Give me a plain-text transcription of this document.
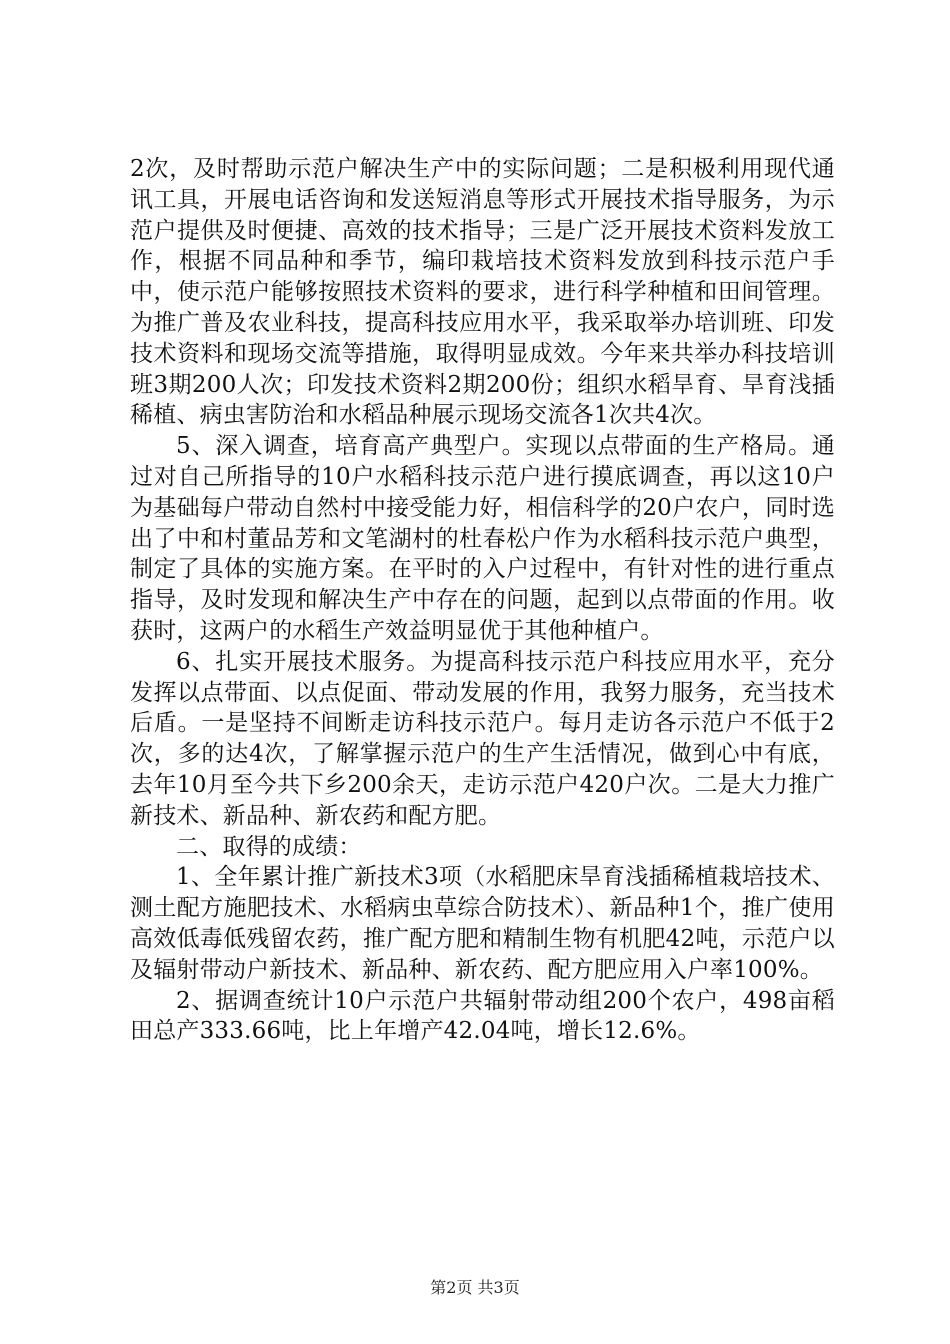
2次，及时帮助示范户解决生产中的实际问题；二是积极利用现代通讯工具，开展电话咨询和发送短消息等形式开展技术指导服务，为示范户提供及时便捷、高效的技术指导；三是广泛开展技术资料发放工作，根据不同品种和季节，编印栽培技术资料发放到科技示范户手中，使示范户能够按照技术资料的要求，进行科学种植和田间管理。为推广普及农业科技，提高科技应用水平，我采取举办培训班、印发技术资料和现场交流等措施，取得明显成效。今年来共举办科技培训班3期200人次；印发技术资料2期200份；组织水稻旱育、旱育浅插稀植、病虫害防治和水稻品种展示现场交流各1次共4次。

5、深入调查，培育高产典型户。实现以点带面的生产格局。通过对自己所指导的10户水稻科技示范户进行摸底调查，再以这10户为基础每户带动自然村中接受能力好，相信科学的20户农户，同时选出了中和村董品芳和文笔湖村的杜春松户作为水稻科技示范户典型，制定了具体的实施方案。在平时的入户过程中，有针对性的进行重点指导，及时发现和解决生产中存在的问题，起到以点带面的作用。收获时，这两户的水稻生产效益明显优于其他种植户。

6、扎实开展技术服务。为提高科技示范户科技应用水平，充分发挥以点带面、以点促面、带动发展的作用，我努力服务，充当技术后盾。一是坚持不间断走访科技示范户。每月走访各示范户不低于2次，多的达4次，了解掌握示范户的生产生活情况，做到心中有底，去年10月至今共下乡200余天，走访示范户420户次。二是大力推广新技术、新品种、新农药和配方肥。

二、取得的成绩：

1、全年累计推广新技术3项（水稻肥床旱育浅插稀植栽培技术、测土配方施肥技术、水稻病虫草综合防技术）、新品种1个，推广使用高效低毒低残留农药，推广配方肥和精制生物有机肥42吨，示范户以及辐射带动户新技术、新品种、新农药、配方肥应用入户率100%。

2、据调查统计10户示范户共辐射带动组200个农户，498亩稻田总产333.66吨，比上年增产42.04吨，增长12.6%。

第2页 共3页
